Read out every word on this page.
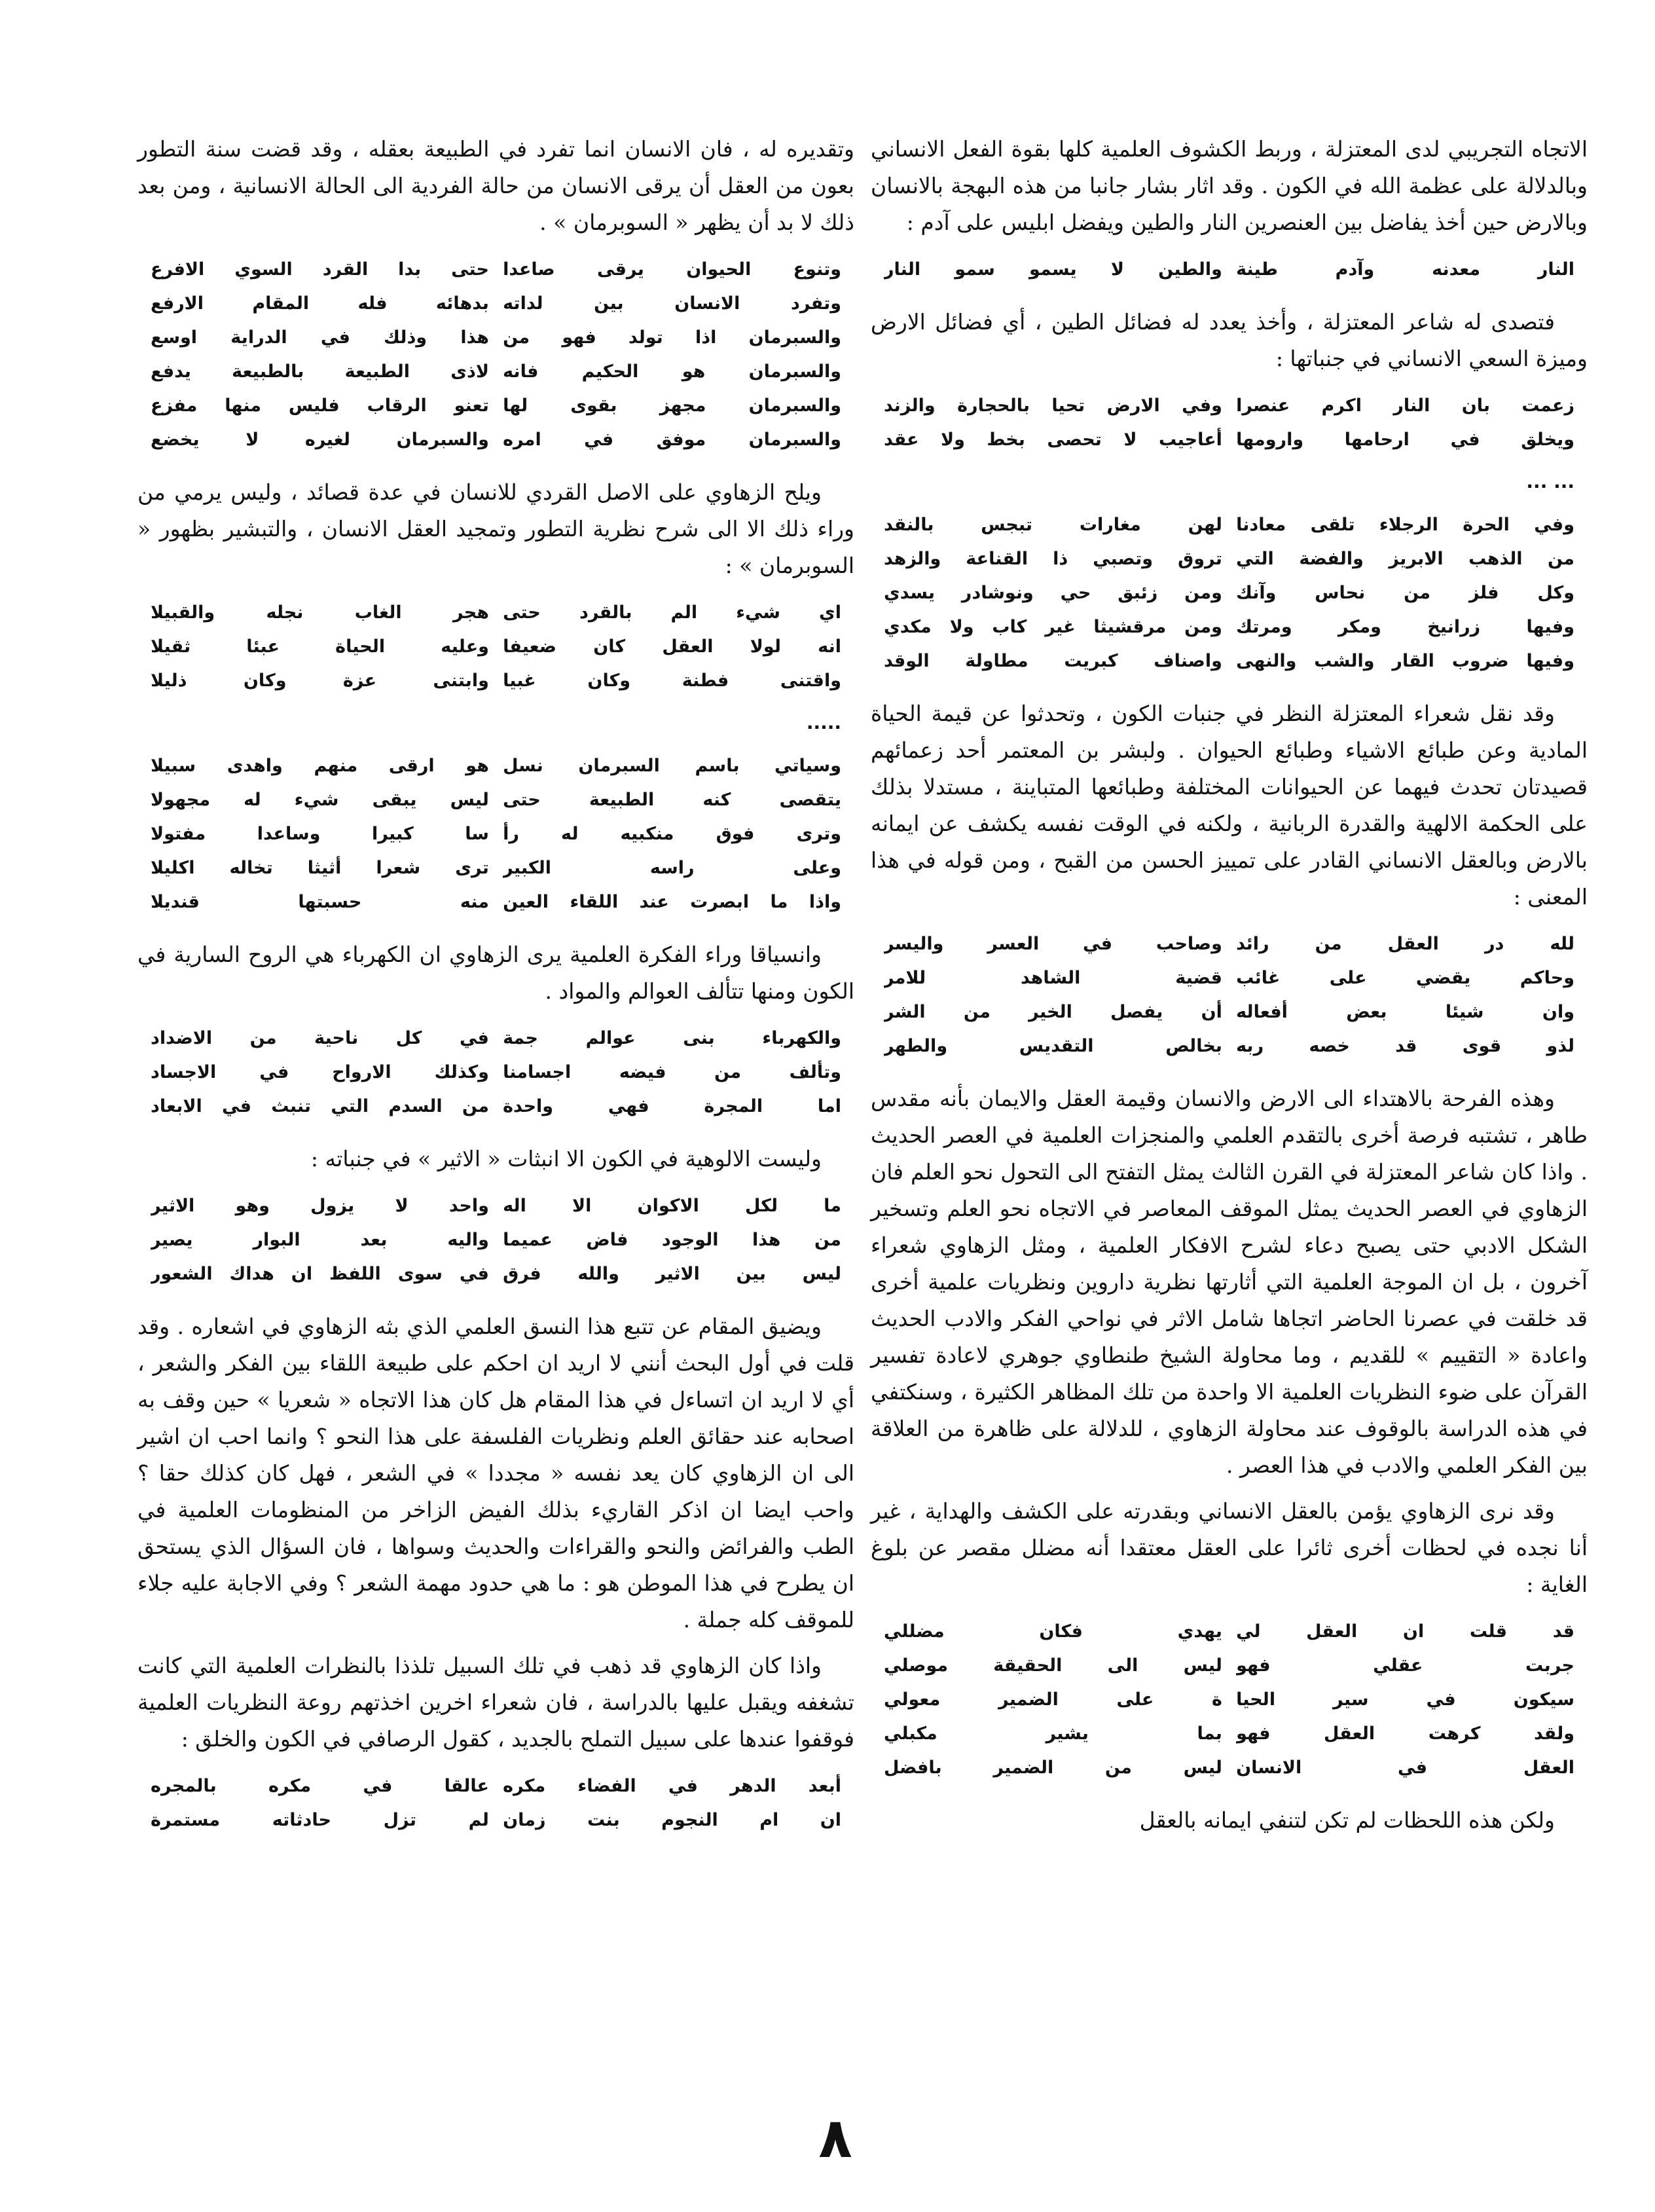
الاتجاه التجريبي لدى المعتزلة ، وربط الكشوف العلمية كلها بقوة الفعل الانساني وبالدلالة على عظمة الله في الكون . وقد اثار بشار جانبا من هذه البهجة بالانسان وبالارض حين أخذ يفاضل بين العنصرين النار والطين ويفضل ابليس على آدم :

النار معدنه وآدم طينة
والطين لا يسمو سمو النار

فتصدى له شاعر المعتزلة ، وأخذ يعدد له فضائل الطين ، أي فضائل الارض وميزة السعي الانساني في جنباتها :

زعمت بان النار اكرم عنصرا
وفي الارض تحيا بالحجارة والزند
ويخلق في ارحامها وارومها
أعاجيب لا تحصى بخط ولا عقد
... ...
وفي الحرة الرجلاء تلقى معادنا
لهن مغارات تبجس بالنقد
من الذهب الابريز والفضة التي
تروق وتصبي ذا القناعة والزهد
وكل فلز من نحاس وآنك
ومن زئبق حي ونوشادر يسدي
وفيها زرانيخ ومكر ومرتك
ومن مرقشيثا غير كاب ولا مكدي
وفيها ضروب القار والشب والنهى
واصناف كبريت مطاولة الوقد

وقد نقل شعراء المعتزلة النظر في جنبات الكون ، وتحدثوا عن قيمة الحياة المادية وعن طبائع الاشياء وطبائع الحيوان . ولبشر بن المعتمر أحد زعمائهم قصيدتان تحدث فيهما عن الحيوانات المختلفة وطبائعها المتباينة ، مستدلا بذلك على الحكمة الالهية والقدرة الربانية ، ولكنه في الوقت نفسه يكشف عن ايمانه بالارض وبالعقل الانساني القادر على تمييز الحسن من القبح ، ومن قوله في هذا المعنى :

لله در العقل من رائد
وصاحب في العسر واليسر
وحاكم يقضي على غائب
قضية الشاهد للامر
وان شيئا بعض أفعاله
أن يفصل الخير من الشر
لذو قوى قد خصه ربه
بخالص التقديس والطهر

وهذه الفرحة بالاهتداء الى الارض والانسان وقيمة العقل والايمان بأنه مقدس طاهر ، تشتبه فرصة أخرى بالتقدم العلمي والمنجزات العلمية في العصر الحديث . واذا كان شاعر المعتزلة في القرن الثالث يمثل التفتح الى التحول نحو العلم فان الزهاوي في العصر الحديث يمثل الموقف المعاصر في الاتجاه نحو العلم وتسخير الشكل الادبي حتى يصبح دعاء لشرح الافكار العلمية ، ومثل الزهاوي شعراء آخرون ، بل ان الموجة العلمية التي أثارتها نظرية داروين ونظريات علمية أخرى قد خلقت في عصرنا الحاضر اتجاها شامل الاثر في نواحي الفكر والادب الحديث واعادة « التقييم » للقديم ، وما محاولة الشيخ طنطاوي جوهري لاعادة تفسير القرآن على ضوء النظريات العلمية الا واحدة من تلك المظاهر الكثيرة ، وسنكتفي في هذه الدراسة بالوقوف عند محاولة الزهاوي ، للدلالة على ظاهرة من العلاقة بين الفكر العلمي والادب في هذا العصر .

وقد نرى الزهاوي يؤمن بالعقل الانساني وبقدرته على الكشف والهداية ، غير أنا نجده في لحظات أخرى ثائرا على العقل معتقدا أنه مضلل مقصر عن بلوغ الغاية :

قد قلت ان العقل لي
يهدي فكان مضللي
جربت عقلي فهو
ليس الى الحقيقة موصلي
سيكون في سير الحيا
ة على الضمير معولي
ولقد كرهت العقل فهو
بما يشير مكبلي
العقل في الانسان
ليس من الضمير بافضل

ولكن هذه اللحظات لم تكن لتنفي ايمانه بالعقل

وتقديره له ، فان الانسان انما تفرد في الطبيعة بعقله ، وقد قضت سنة التطور بعون من العقل أن يرقى الانسان من حالة الفردية الى الحالة الانسانية ، ومن بعد ذلك لا بد أن يظهر « السوبرمان » .

وتنوع الحيوان يرقى صاعدا
حتى بدا القرد السوي الافرع
وتفرد الانسان بين لداته
بدهائه فله المقام الارفع
والسبرمان اذا تولد فهو من
هذا وذلك في الدراية اوسع
والسبرمان هو الحكيم فانه
لاذى الطبيعة بالطبيعة يدفع
والسبرمان مجهز بقوى لها
تعنو الرقاب فليس منها مفزع
والسبرمان موفق في امره
والسبرمان لغيره لا يخضع

ويلح الزهاوي على الاصل القردي للانسان في عدة قصائد ، وليس يرمي من وراء ذلك الا الى شرح نظرية التطور وتمجيد العقل الانسان ، والتبشير بظهور « السوبرمان » :

اي شيء الم بالقرد حتى
هجر الغاب نجله والقبيلا
انه لولا العقل كان ضعيفا
وعليه الحياة عبئا ثقيلا
واقتنى فطنة وكان غبيا
وابتنى عزة وكان ذليلا
.....
وسياتي باسم السبرمان نسل
هو ارقى منهم واهدى سبيلا
يتقصى كنه الطبيعة حتى
ليس يبقى شيء له مجهولا
وترى فوق منكبيه له رأ
سا كبيرا وساعدا مفتولا
وعلى راسه الكبير
ترى شعرا أثيثا تخاله اكليلا
واذا ما ابصرت عند اللقاء العين
منه حسبتها قنديلا

وانسياقا وراء الفكرة العلمية يرى الزهاوي ان الكهرباء هي الروح السارية في الكون ومنها تتألف العوالم والمواد .

والكهرباء بنى عوالم جمة
في كل ناحية من الاضداد
وتألف من فيضه اجسامنا
وكذلك الارواح في الاجساد
اما المجرة فهي واحدة
من السدم التي تنبث في الابعاد

وليست الالوهية في الكون الا انبثات « الاثير » في جنباته :

ما لكل الاكوان الا اله
واحد لا يزول وهو الاثير
من هذا الوجود فاض عميما
واليه بعد البوار يصير
ليس بين الاثير والله فرق
في سوى اللفظ ان هداك الشعور

ويضيق المقام عن تتبع هذا النسق العلمي الذي بثه الزهاوي في اشعاره . وقد قلت في أول البحث أنني لا اريد ان احكم على طبيعة اللقاء بين الفكر والشعر ، أي لا اريد ان اتساءل في هذا المقام هل كان هذا الاتجاه « شعريا » حين وقف به اصحابه عند حقائق العلم ونظريات الفلسفة على هذا النحو ؟ وانما احب ان اشير الى ان الزهاوي كان يعد نفسه « مجددا » في الشعر ، فهل كان كذلك حقا ؟ واحب ايضا ان اذكر القاريء بذلك الفيض الزاخر من المنظومات العلمية في الطب والفرائض والنحو والقراءات والحديث وسواها ، فان السؤال الذي يستحق ان يطرح في هذا الموطن هو : ما هي حدود مهمة الشعر ؟ وفي الاجابة عليه جلاء للموقف كله جملة .

واذا كان الزهاوي قد ذهب في تلك السبيل تلذذا بالنظرات العلمية التي كانت تشغفه ويقبل عليها بالدراسة ، فان شعراء اخرين اخذتهم روعة النظريات العلمية فوقفوا عندها على سبيل التملح بالجديد ، كقول الرصافي في الكون والخلق :

أبعد الدهر في الفضاء مكره
عالقا في مكره بالمجره
ان ام النجوم بنت زمان
لم تزل حادثاته مستمرة
٨
